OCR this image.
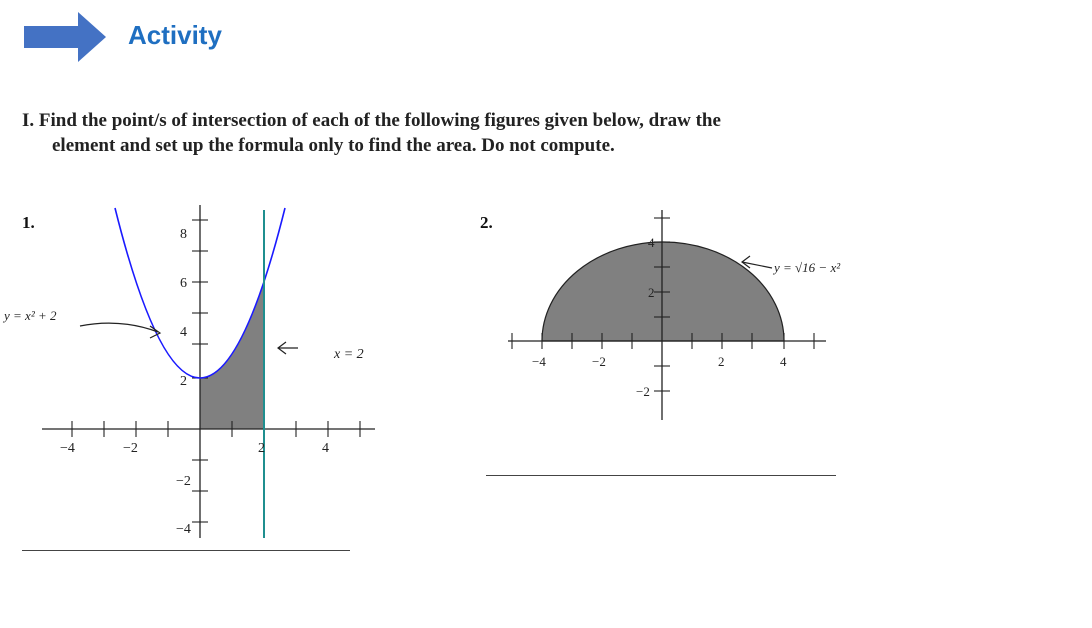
Activity
I. Find the point/s of intersection of each of the following figures given below, draw the
element and set up the formula only to find the area. Do not compute.
1.	2.
−4	−2	2	4
8
6
4
2
−2
−4
y = x² + 2
x = 2	−4	−2	2	4
4
2
−2
y = √16 − x²
